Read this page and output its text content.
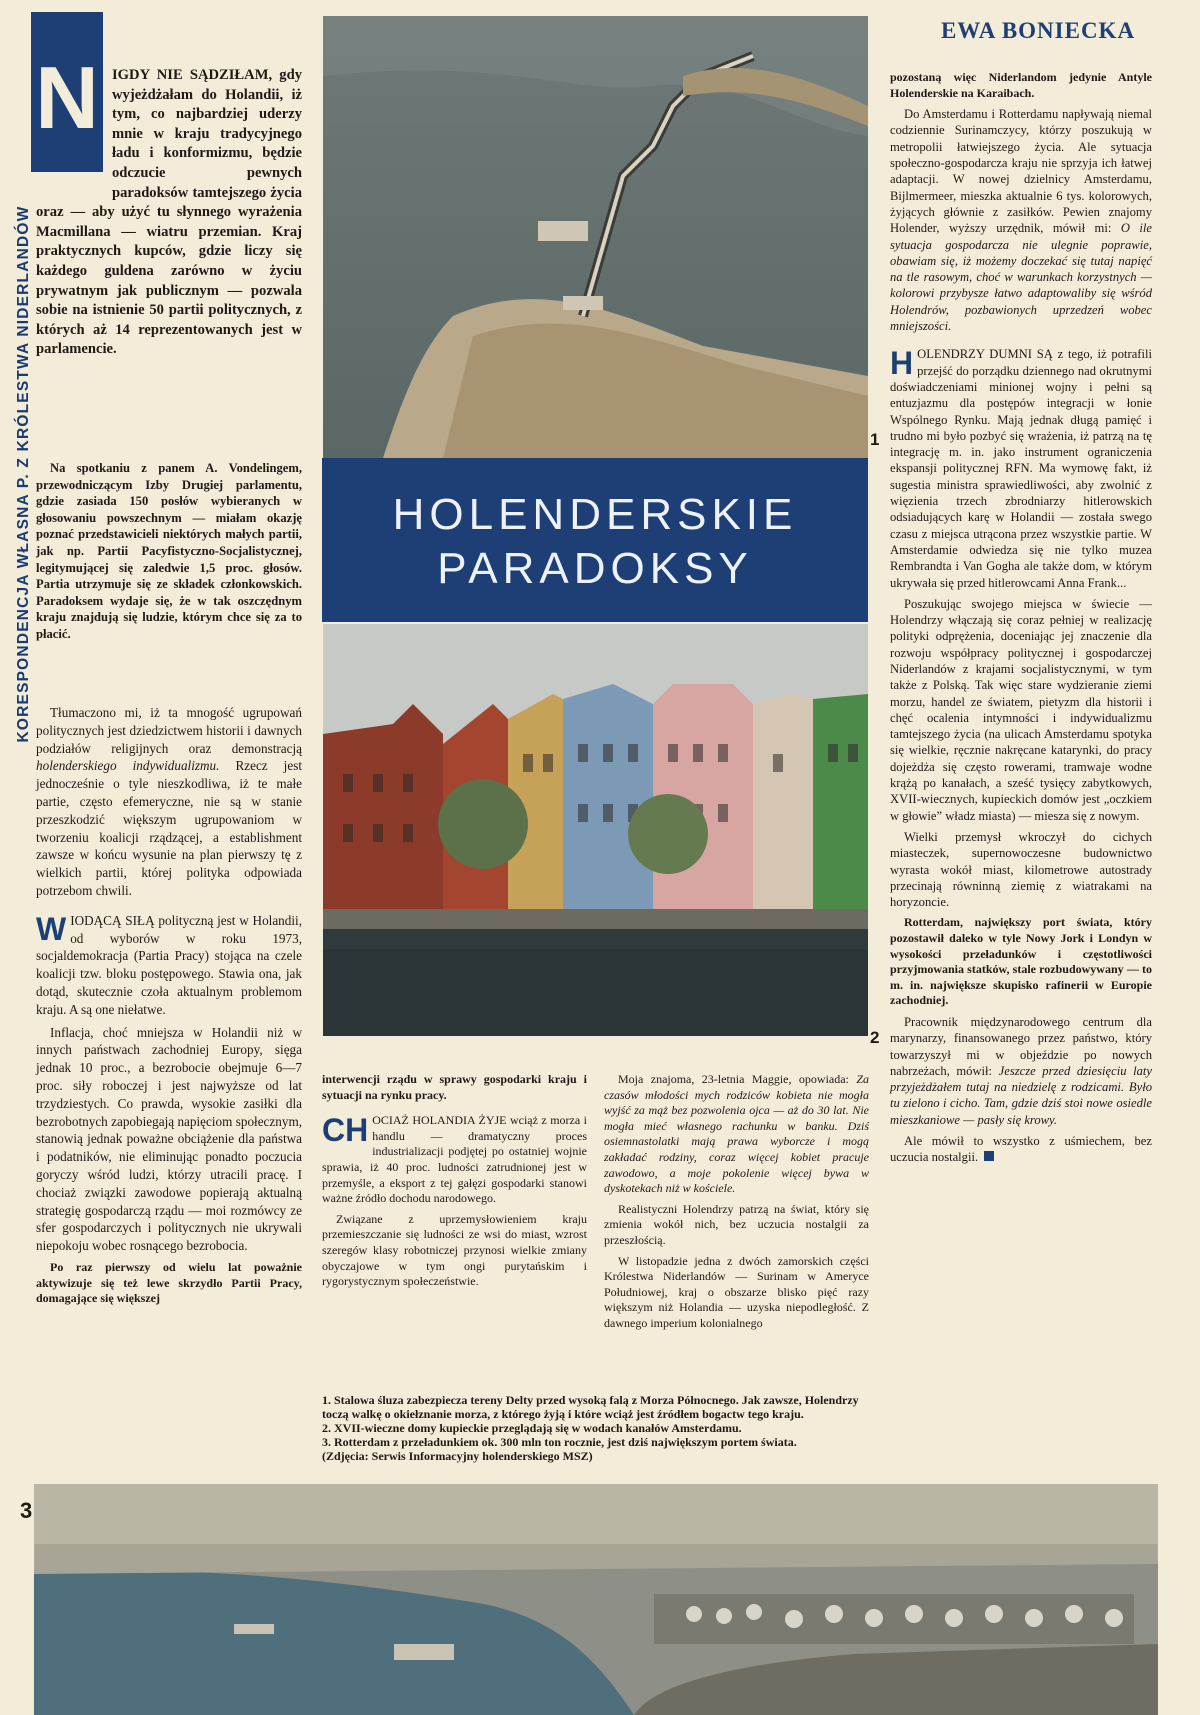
KORESPONDENCJA WŁASNA P. Z KRÓLESTWA NIDERLANDÓW
N IGDY NIE SĄDZIŁAM, gdy wyjeżdżałam do Holandii, iż tym, co najbardziej uderzy mnie w kraju tradycyjnego ładu i konformizmu, będzie odczucie pewnych paradoksów tamtejszego życia oraz — aby użyć tu słynnego wyrażenia Macmillana — wiatru przemian. Kraj praktycznych kupców, gdzie liczy się każdego guldena zarówno w życiu prywatnym jak publicznym — pozwala sobie na istnienie 50 partii politycznych, z których aż 14 reprezentowanych jest w parlamencie.

Na spotkaniu z panem A. Vondelingem, przewodniczącym Izby Drugiej parlamentu, gdzie zasiada 150 posłów wybieranych w głosowaniu powszechnym — miałam okazję poznać przedstawicieli niektórych małych partii, jak np. Partii Pacyfistyczno-Socjalistycznej, legitymującej się zaledwie 1,5 proc. głosów. Partia utrzymuje się ze składek członkowskich. Paradoksem wydaje się, że w tak oszczędnym kraju znajdują się ludzie, którym chce się za to płacić.

Tłumaczono mi, iż ta mnogość ugrupowań politycznych jest dziedzictwem historii i dawnych podziałów religijnych oraz demonstracją holenderskiego indywidualizmu. Rzecz jest jednocześnie o tyle nieszkodliwa, iż te małe partie, często efemeryczne, nie są w stanie przeszkodzić większym ugrupowaniom w tworzeniu koalicji rządzącej, a establishment zawsze w końcu wysunie na plan pierwszy tę z wielkich partii, której polityka odpowiada potrzebom chwili.

WIODĄCĄ SIŁĄ polityczną jest w Holandii, od wyborów w roku 1973, socjaldemokracja (Partia Pracy) stojąca na czele koalicji tzw. bloku postępowego. Stawia ona, jak dotąd, skutecznie czoła aktualnym problemom kraju. A są one niełatwe.

Inflacja, choć mniejsza w Holandii niż w innych państwach zachodniej Europy, sięga jednak 10 proc., a bezrobocie obejmuje 6—7 proc. siły roboczej i jest najwyższe od lat trzydziestych. Co prawda, wysokie zasiłki dla bezrobotnych zapobiegają napięciom społecznym, stanowią jednak poważne obciążenie dla państwa i podatników, nie eliminując ponadto poczucia goryczy wśród ludzi, którzy utracili pracę. I chociaż związki zawodowe popierają aktualną strategię gospodarczą rządu — moi rozmówcy ze sfer gospodarczych i politycznych nie ukrywali niepokoju wobec rosnącego bezrobocia.

Po raz pierwszy od wielu lat poważnie aktywizuje się też lewe skrzydło Partii Pracy, domagające się większej

HOLENDERSKIE
PARADOKSY
1
2

interwencji rządu w sprawy gospodarki kraju i sytuacji na rynku pracy.

CH OCIAŻ HOLANDIA ŻYJE wciąż z morza i handlu — dramatyczny proces industrializacji podjętej po ostatniej wojnie sprawia, iż 40 proc. ludności zatrudnionej jest w przemyśle, a eksport z tej gałęzi gospodarki stanowi ważne źródło dochodu narodowego.

Związane z uprzemysłowieniem kraju przemieszczanie się ludności ze wsi do miast, wzrost szeregów klasy robotniczej przynosi wielkie zmiany obyczajowe w tym ongi purytańskim i rygorystycznym społeczeństwie.

Moja znajoma, 23-letnia Maggie, opowiada: Za czasów młodości mych rodziców kobieta nie mogła wyjść za mąż bez pozwolenia ojca — aż do 30 lat. Nie mogła mieć własnego rachunku w banku. Dziś osiemnastolatki mają prawa wyborcze i mogą zakładać rodziny, coraz więcej kobiet pracuje zawodowo, a moje pokolenie więcej bywa w dyskotekach niż w kościele.

Realistyczni Holendrzy patrzą na świat, który się zmienia wokół nich, bez uczucia nostalgii za przeszłością.

W listopadzie jedna z dwóch zamorskich części Królestwa Niderlandów — Surinam w Ameryce Południowej, kraj o obszarze blisko pięć razy większym niż Holandia — uzyska niepodległość. Z dawnego imperium kolonialnego

1. Stalowa śluza zabezpiecza tereny Delty przed wysoką falą z Morza Północnego. Jak zawsze, Holendrzy toczą walkę o okiełznanie morza, z którego żyją i które wciąż jest źródłem bogactw tego kraju.
2. XVII-wieczne domy kupieckie przeglądają się w wodach kanałów Amsterdamu.
3. Rotterdam z przeładunkiem ok. 300 mln ton rocznie, jest dziś największym portem świata.
(Zdjęcia: Serwis Informacyjny holenderskiego MSZ)
EWA BONIECKA

pozostaną więc Niderlandom jedynie Antyle Holenderskie na Karaibach.

Do Amsterdamu i Rotterdamu napływają niemal codziennie Surinamczycy, którzy poszukują w metropolii łatwiejszego życia. Ale sytuacja społeczno-gospodarcza kraju nie sprzyja ich łatwej adaptacji. W nowej dzielnicy Amsterdamu, Bijlmermeer, mieszka aktualnie 6 tys. kolorowych, żyjących głównie z zasiłków. Pewien znajomy Holender, wyższy urzędnik, mówił mi: O ile sytuacja gospodarcza nie ulegnie poprawie, obawiam się, iż możemy doczekać się tutaj napięć na tle rasowym, choć w warunkach korzystnych — kolorowi przybysze łatwo adaptowaliby się wśród Holendrów, pozbawionych uprzedzeń wobec mniejszości.

HOLENDRZY DUMNI SĄ z tego, iż potrafili przejść do porządku dziennego nad okrutnymi doświadczeniami minionej wojny i pełni są entuzjazmu dla postępów integracji w łonie Wspólnego Rynku. Mają jednak długą pamięć i trudno mi było pozbyć się wrażenia, iż patrzą na tę integrację m. in. jako instrument ograniczenia ekspansji politycznej RFN. Ma wymowę fakt, iż sugestia ministra sprawiedliwości, aby zwolnić z więzienia trzech zbrodniarzy hitlerowskich odsiadujących karę w Holandii — została swego czasu z miejsca utrącona przez wszystkie partie. W Amsterdamie odwiedza się nie tylko muzea Rembrandta i Van Gogha ale także dom, w którym ukrywała się przed hitlerowcami Anna Frank...

Poszukując swojego miejsca w świecie — Holendrzy włączają się coraz pełniej w realizację polityki odprężenia, doceniając jej znaczenie dla rozwoju współpracy politycznej i gospodarczej Niderlandów z krajami socjalistycznymi, w tym także z Polską. Tak więc stare wydzieranie ziemi morzu, handel ze światem, pietyzm dla historii i chęć ocalenia intymności i indywidualizmu tamtejszego życia (na ulicach Amsterdamu spotyka się wielkie, ręcznie nakręcane katarynki, do pracy dojeżdża się często rowerami, tramwaje wodne krążą po kanałach, a sześć tysięcy zabytkowych, XVII-wiecznych, kupieckich domów jest „oczkiem w głowie” władz miasta) — miesza się z nowym.

Wielki przemysł wkroczył do cichych miasteczek, supernowoczesne budownictwo wyrasta wokół miast, kilometrowe autostrady przecinają równinną ziemię z wiatrakami na horyzoncie.

Rotterdam, największy port świata, który pozostawił daleko w tyle Nowy Jork i Londyn w wysokości przeładunków i częstotliwości przyjmowania statków, stale rozbudowywany — to m. in. największe skupisko rafinerii w Europie zachodniej.

Pracownik międzynarodowego centrum dla marynarzy, finansowanego przez państwo, który towarzyszył mi w objeździe po nowych nabrzeżach, mówił: Jeszcze przed dziesięciu laty przyjeżdżałem tutaj na niedzielę z rodzicami. Było tu zielono i cicho. Tam, gdzie dziś stoi nowe osiedle mieszkaniowe — pasły się krowy.

Ale mówił to wszystko z uśmiechem, bez uczucia nostalgii.

3
